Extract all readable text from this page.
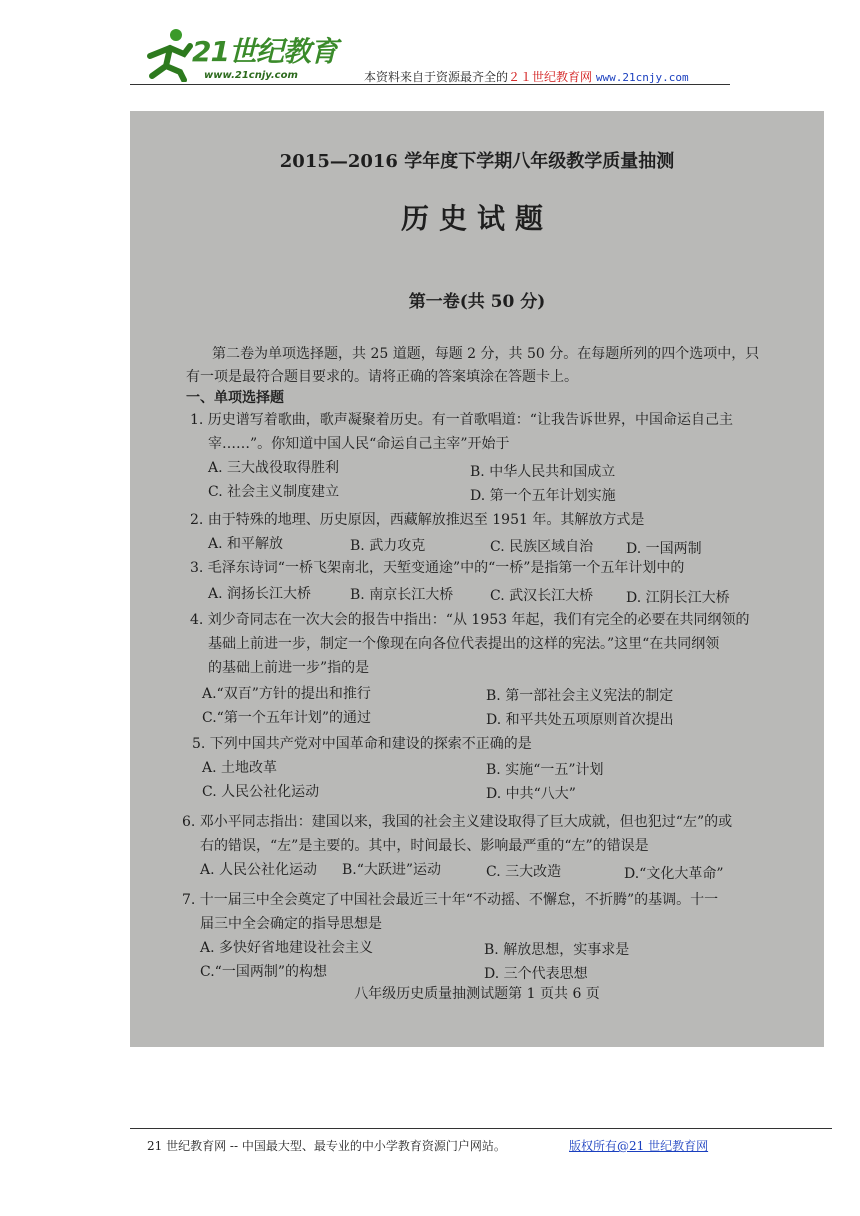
21世纪教育
www.21cnjy.com	本资料来自于资源最齐全的２１世纪教育网 www.21cnjy.com
2015—2016 学年度下学期八年级教学质量抽测
历史试题
第一卷(共 50 分)
第二卷为单项选择题，共 25 道题，每题 2 分，共 50 分。在每题所列的四个选项中，只
有一项是最符合题目要求的。请将正确的答案填涂在答题卡上。
一、单项选择题
1. 历史谱写着歌曲，歌声凝聚着历史。有一首歌唱道：“让我告诉世界，中国命运自己主
宰……”。你知道中国人民“命运自己主宰”开始于
A. 三大战役取得胜利	B. 中华人民共和国成立
C. 社会主义制度建立	D. 第一个五年计划实施
2. 由于特殊的地理、历史原因，西藏解放推迟至 1951 年。其解放方式是
A. 和平解放	B. 武力攻克	C. 民族区域自治 D. 一国两制
3. 毛泽东诗词“一桥飞架南北，天堑变通途”中的“一桥”是指第一个五年计划中的
A. 润扬长江大桥	B. 南京长江大桥	C. 武汉长江大桥 D. 江阴长江大桥
4. 刘少奇同志在一次大会的报告中指出：“从 1953 年起，我们有完全的必要在共同纲领的
基础上前进一步，制定一个像现在向各位代表提出的这样的宪法。”这里“在共同纲领
的基础上前进一步”指的是
A.“双百”方针的提出和推行	B. 第一部社会主义宪法的制定
C.“第一个五年计划”的通过	D. 和平共处五项原则首次提出
5. 下列中国共产党对中国革命和建设的探索不正确的是
A. 土地改革	B. 实施“一五”计划
C. 人民公社化运动	D. 中共“八大”
6. 邓小平同志指出：建国以来，我国的社会主义建设取得了巨大成就，但也犯过“左”的或
右的错误，“左”是主要的。其中，时间最长、影响最严重的“左”的错误是
A. 人民公社化运动 B.“大跃进”运动	C. 三大改造	D.“文化大革命”
7. 十一届三中全会奠定了中国社会最近三十年“不动摇、不懈怠，不折腾”的基调。十一
届三中全会确定的指导思想是
A. 多快好省地建设社会主义	B. 解放思想，实事求是
C.“一国两制”的构想	D. 三个代表思想
八年级历史质量抽测试题第 1 页共 6 页
21 世纪教育网 -- 中国最大型、最专业的中小学教育资源门户网站。	版权所有@21 世纪教育网
